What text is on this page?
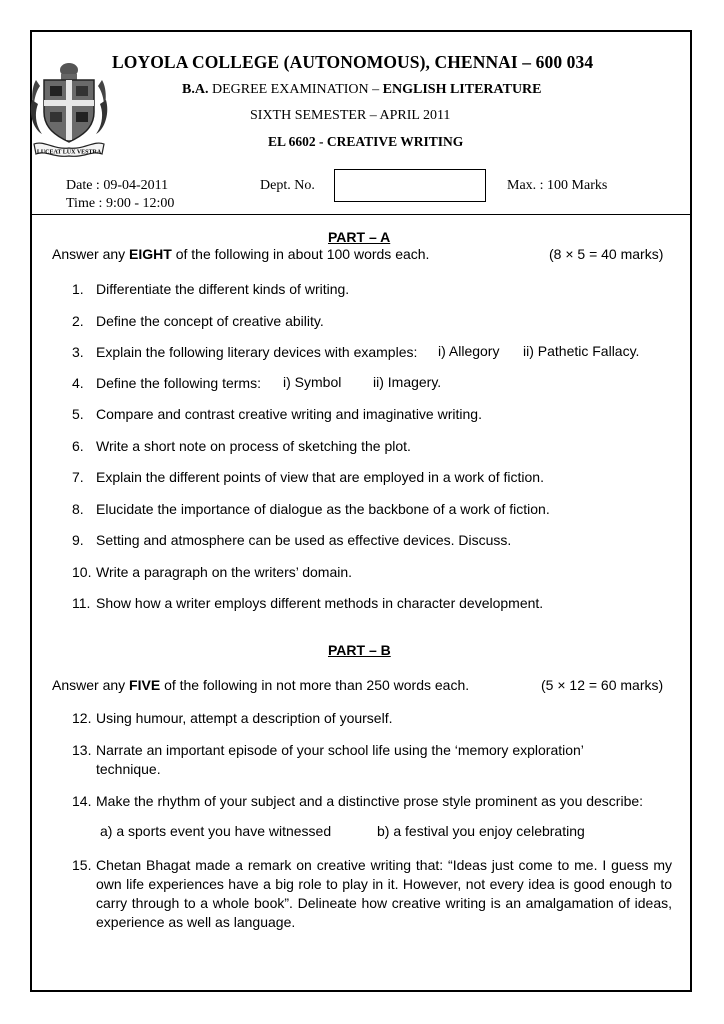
LUCEAT LUX VESTRA
LOYOLA COLLEGE (AUTONOMOUS), CHENNAI – 600 034
B.A. DEGREE EXAMINATION – ENGLISH LITERATURE
SIXTH SEMESTER – APRIL 2011
EL 6602 - CREATIVE WRITING
Date : 09-04-2011
Time : 9:00 - 12:00
Dept. No.	Max. : 100 Marks
PART – A
Answer any EIGHT of the following in about 100 words each.	(8 × 5 = 40 marks)
1. Differentiate the different kinds of writing.
2. Define the concept of creative ability.
3. Explain the following literary devices with examples:	i) Allegory ii) Pathetic Fallacy.
4. Define the following terms:	i) Symbol ii) Imagery.
5. Compare and contrast creative writing and imaginative writing.
6. Write a short note on process of sketching the plot.
7. Explain the different points of view that are employed in a work of fiction.
8. Elucidate the importance of dialogue as the backbone of a work of fiction.
9. Setting and atmosphere can be used as effective devices. Discuss.
10. Write a paragraph on the writers’ domain.
11. Show how a writer employs different methods in character development.
PART – B
Answer any FIVE of the following in not more than 250 words each.	(5 × 12 = 60 marks)
12. Using humour, attempt a description of yourself.
13. Narrate an important episode of your school life using the ‘memory exploration’ technique.
14. Make the rhythm of your subject and a distinctive prose style prominent as you describe:
a) a sports event you have witnessed	b) a festival you enjoy celebrating
15. Chetan Bhagat made a remark on creative writing that: “Ideas just come to me. I guess my own life experiences have a big role to play in it. However, not every idea is good enough to carry through to a whole book”. Delineate how creative writing is an amalgamation of ideas, experience as well as language.
